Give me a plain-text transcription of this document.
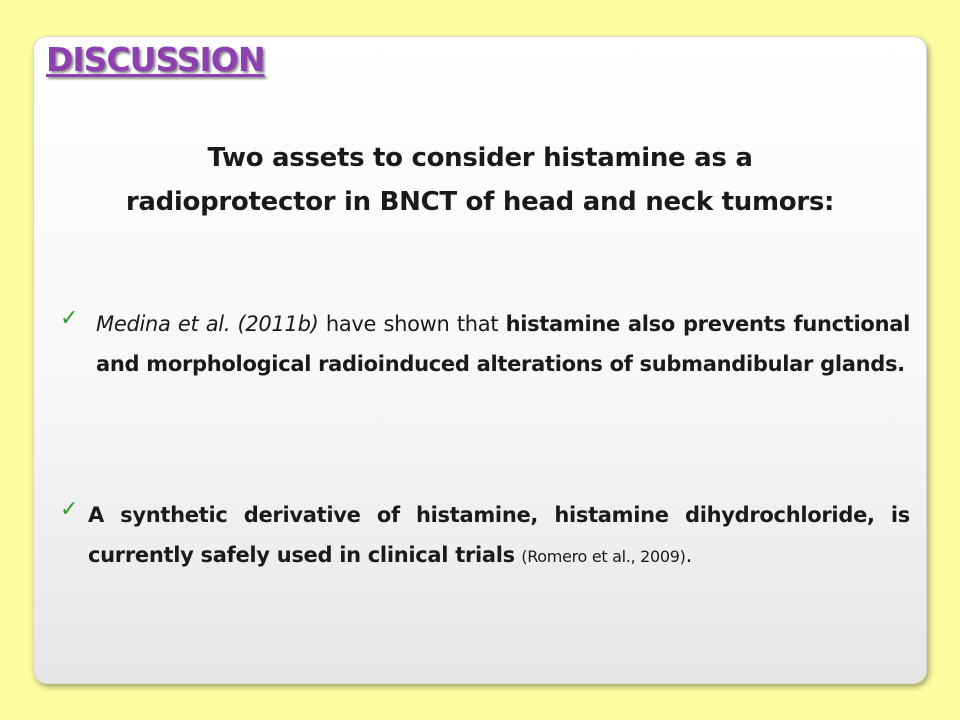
DISCUSSION
Two assets to consider histamine as a
radioprotector in BNCT of head and neck tumors:
✓ Medina et al. (2011b) have shown that histamine also prevents functional and morphological radioinduced alterations of submandibular glands.
✓ A synthetic derivative of histamine, histamine dihydrochloride, is currently safely used in clinical trials (Romero et al., 2009).
